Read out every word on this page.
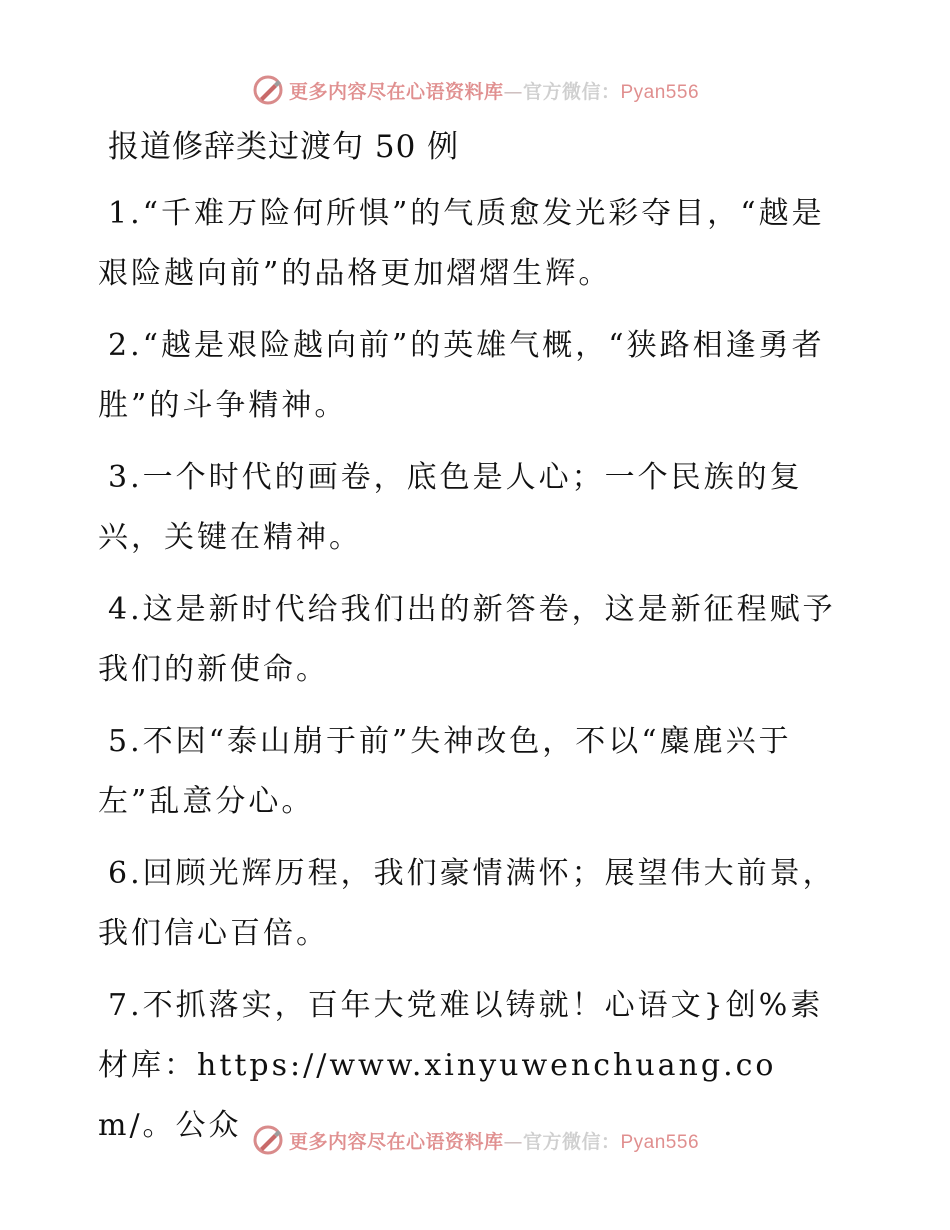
更多内容尽在心语资料库—官方微信：Pyan556
报道修辞类过渡句 50 例

1.“千难万险何所惧”的气质愈发光彩夺目，“越是艰险越向前”的品格更加熠熠生辉。

2.“越是艰险越向前”的英雄气概，“狭路相逢勇者胜”的斗争精神。

3.一个时代的画卷，底色是人心；一个民族的复兴，关键在精神。

4.这是新时代给我们出的新答卷，这是新征程赋予我们的新使命。

5.不因“泰山崩于前”失神改色，不以“麋鹿兴于左”乱意分心。

6.回顾光辉历程，我们豪情满怀；展望伟大前景，我们信心百倍。

7.不抓落实，百年大党难以铸就！心语文}创%素材库：https://www.xinyuwenchuang.com/。公众	更多内容尽在心语资料库—官方微信：Pyan556
